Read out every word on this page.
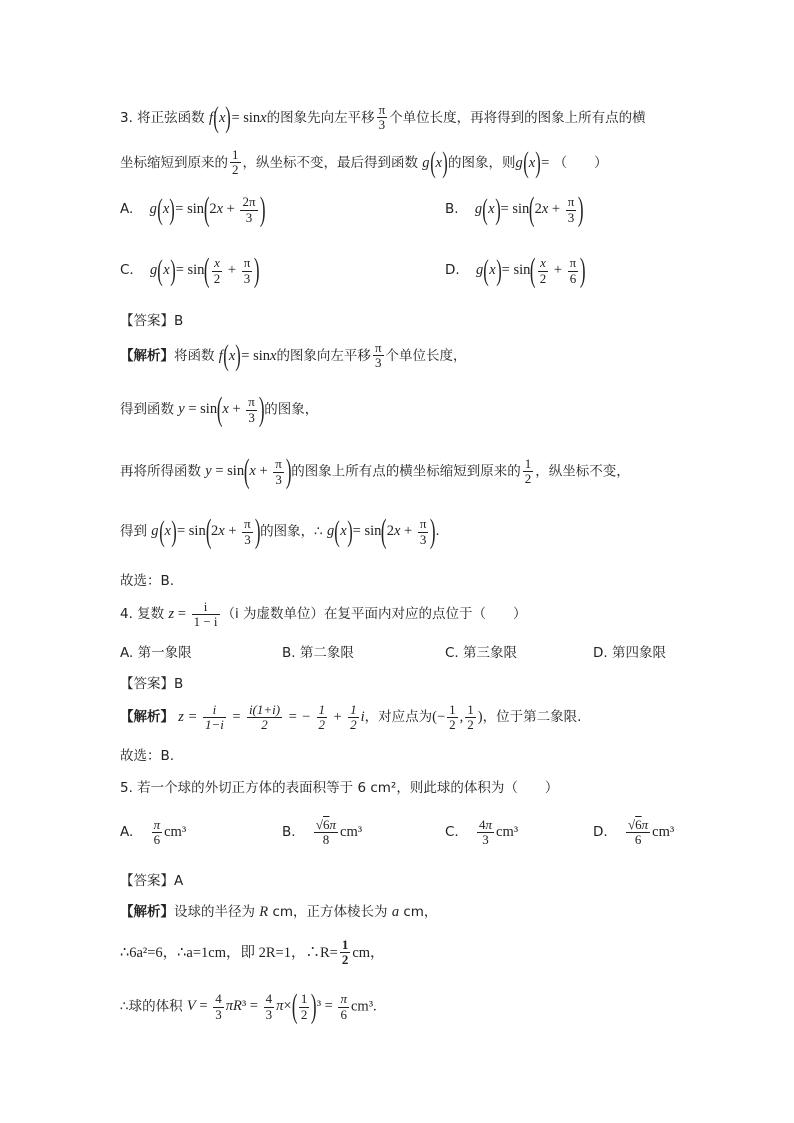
3. 将正弦函数 f(x)= sinx的图象先向左平移 $\frac{\pi}{3}$ 个单位长度，再将得到的图象上所有点的横
坐标缩短到原来的 $\frac{1}{2}$ ，纵坐标不变，最后得到函数 g(x)的图象，则g(x)= （　　）
A. $g(x)= \sin(2x + \frac{2\pi}{3}$ )	B. $g(x)= \sin(2x + \frac{\pi}{3}$ )
C. $g(x)= \sin( \frac{x}{2} + \frac{\pi}{3}$ )	D. $g(x)= \sin( \frac{x}{2} + \frac{\pi}{6}$ )
【答案】B
【解析】将函数 f(x)= sinx的图象向左平移 $\frac{\pi}{3}$ 个单位长度，
得到函数 $y = \sin(x + \frac{\pi}{3}$ )的图象，
再将所得函数 $y = \sin(x + \frac{\pi}{3}$ )的图象上所有点的横坐标缩短到原来的 $\frac{1}{2}$ ，纵坐标不变，
得到 $g(x)= \sin(2x + \frac{\pi}{3}$ )的图象，∴ $g(x)= \sin(2x + \frac{\pi}{3}$ ).
故选：B.
4. 复数 $z = \frac{i}{1 - i} (i$ 为虚数单位）在复平面内对应的点位于（　　）
A. 第一象限	B. 第二象限	C. 第三象限	D. 第四象限
【答案】B
【解析】 $z = \frac{i}{1-i} = \frac{i(1+i)}{2}$ = − $\frac{1}{2} + \frac{1}{2}$ i，对应点为(− $\frac{1}{2}$ , $\frac{1}{2}$ )，位于第二象限.
故选：B.
5. 若一个球的外切正方体的表面积等于 6 cm²，则此球的体积为（　　）
A. $\frac{\pi}{6} cm^3$	B. $\frac{√6\pi}{8} cm^3$	C. $\frac{4\pi}{3} cm^3$	D. $\frac{√6\pi}{6} cm^3$
【答案】A
【解析】设球的半径为 R cm，正方体棱长为 a cm，
∴6a²=6，∴a=1cm，即 2R=1，∴R= $\frac{1}{2}$ cm，
∴球的体积 $V = \frac{4}{3} \pi R^3 = \frac{4}{3} \pi\times( \frac{1}{2} )^3 = \frac{\pi}{6} cm^3$.
